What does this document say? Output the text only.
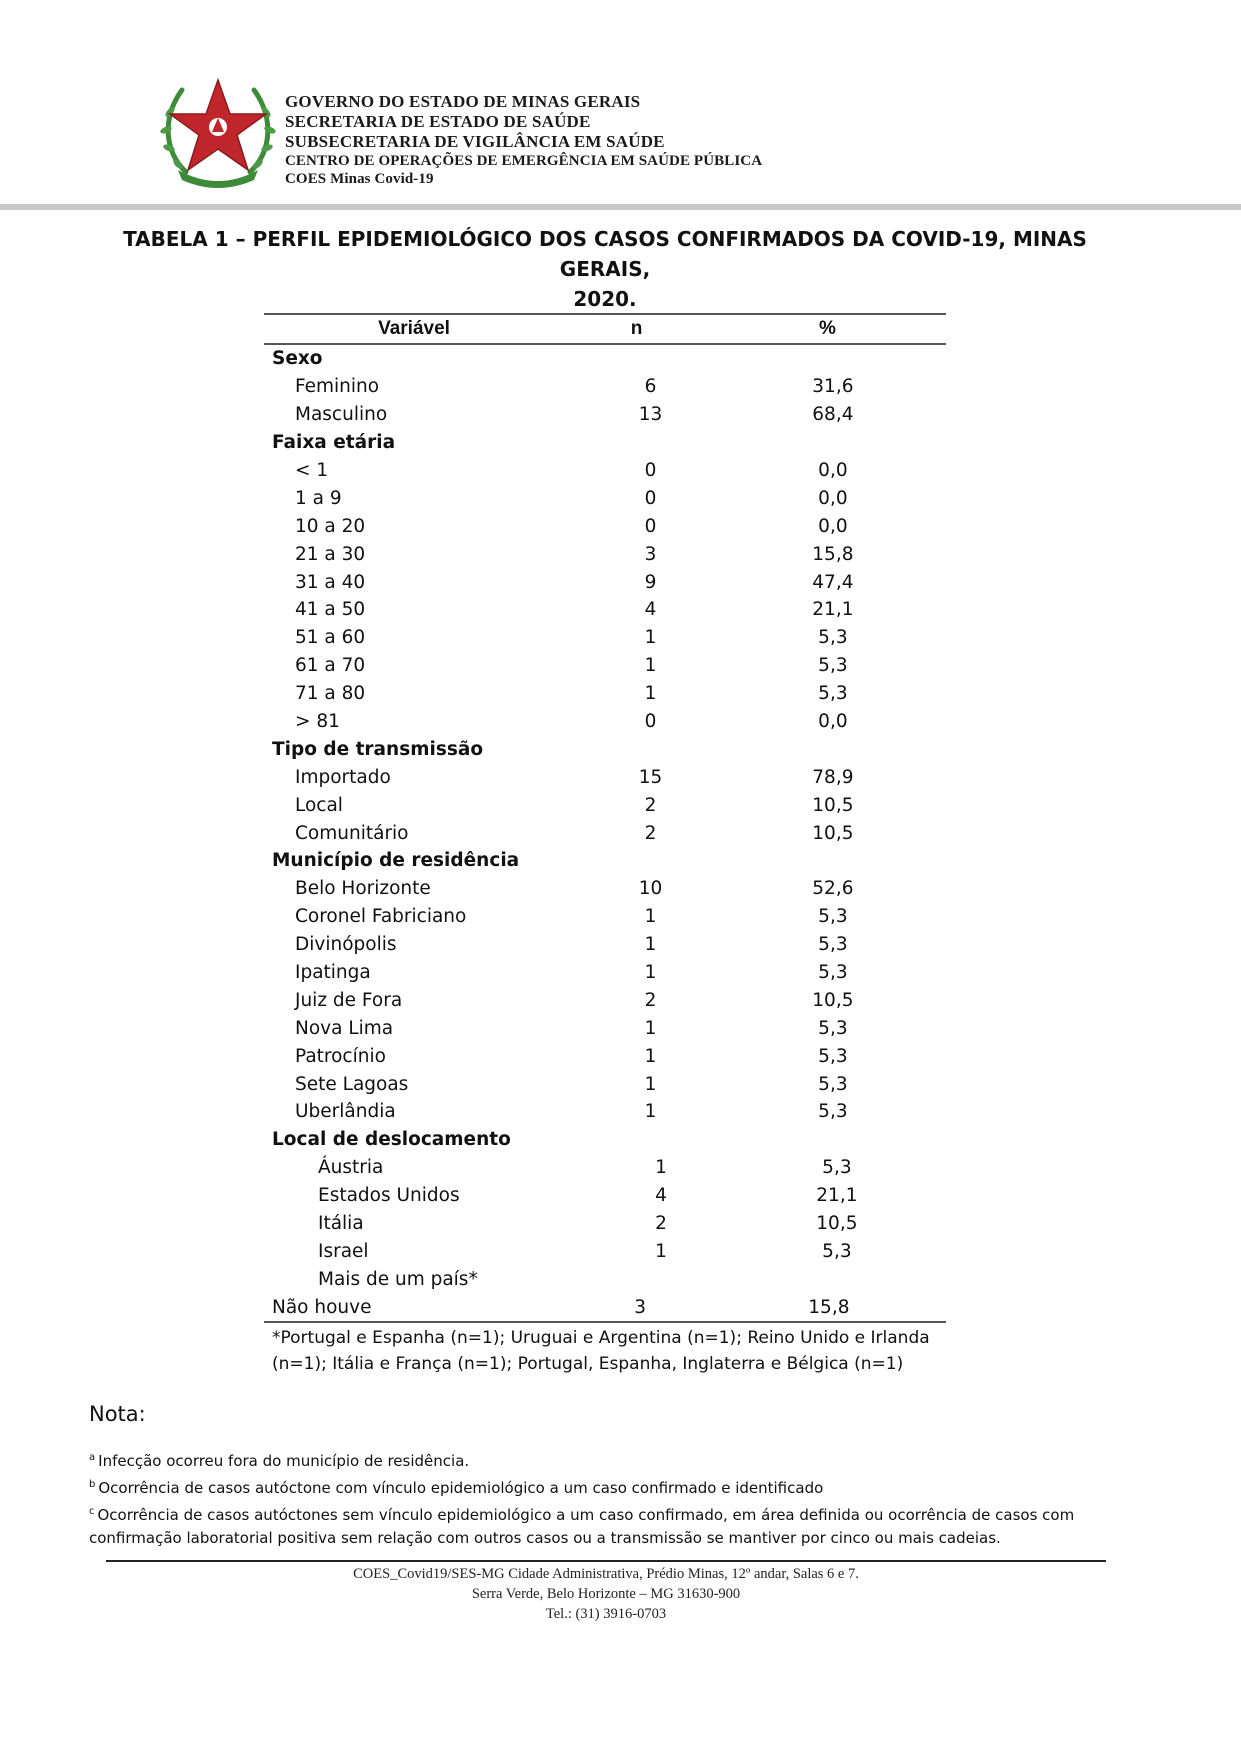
GOVERNO DO ESTADO DE MINAS GERAIS
SECRETARIA DE ESTADO DE SAÚDE
SUBSECRETARIA DE VIGILÂNCIA EM SAÚDE
CENTRO DE OPERAÇÕES DE EMERGÊNCIA EM SAÚDE PÚBLICA
COES Minas Covid-19
TABELA 1 – PERFIL EPIDEMIOLÓGICO DOS CASOS CONFIRMADOS DA COVID-19, MINAS GERAIS,
2020.
Variável	n	%
Sexo
Feminino	6	31,6
Masculino	13	68,4
Faixa etária
< 1	0	0,0
1 a 9	0	0,0
10 a 20	0	0,0
21 a 30	3	15,8
31 a 40	9	47,4
41 a 50	4	21,1
51 a 60	1	5,3
61 a 70	1	5,3
71 a 80	1	5,3
> 81	0	0,0
Tipo de transmissão
Importado	15	78,9
Local	2	10,5
Comunitário	2	10,5
Município de residência
Belo Horizonte	10	52,6
Coronel Fabriciano	1	5,3
Divinópolis	1	5,3
Ipatinga	1	5,3
Juiz de Fora	2	10,5
Nova Lima	1	5,3
Patrocínio	1	5,3
Sete Lagoas	1	5,3
Uberlândia	1	5,3
Local de deslocamento
Áustria	1	5,3
Estados Unidos	4	21,1
Itália	2	10,5
Israel	1	5,3
Mais de um país*
Não houve	3	15,8
*Portugal e Espanha (n=1); Uruguai e Argentina (n=1); Reino Unido e Irlanda (n=1); Itália e França (n=1); Portugal, Espanha, Inglaterra e Bélgica (n=1)
Nota:
$^a$ Infecção ocorreu fora do município de residência.
$^b$ Ocorrência de casos autóctone com vínculo epidemiológico a um caso confirmado e identificado
$^c$ Ocorrência de casos autóctones sem vínculo epidemiológico a um caso confirmado, em área definida ou ocorrência de casos com confirmação laboratorial positiva sem relação com outros casos ou a transmissão se mantiver por cinco ou mais cadeias.
COES_Covid19/SES-MG Cidade Administrativa, Prédio Minas, 12º andar, Salas 6 e 7.
Serra Verde, Belo Horizonte – MG 31630-900
Tel.: (31) 3916-0703
